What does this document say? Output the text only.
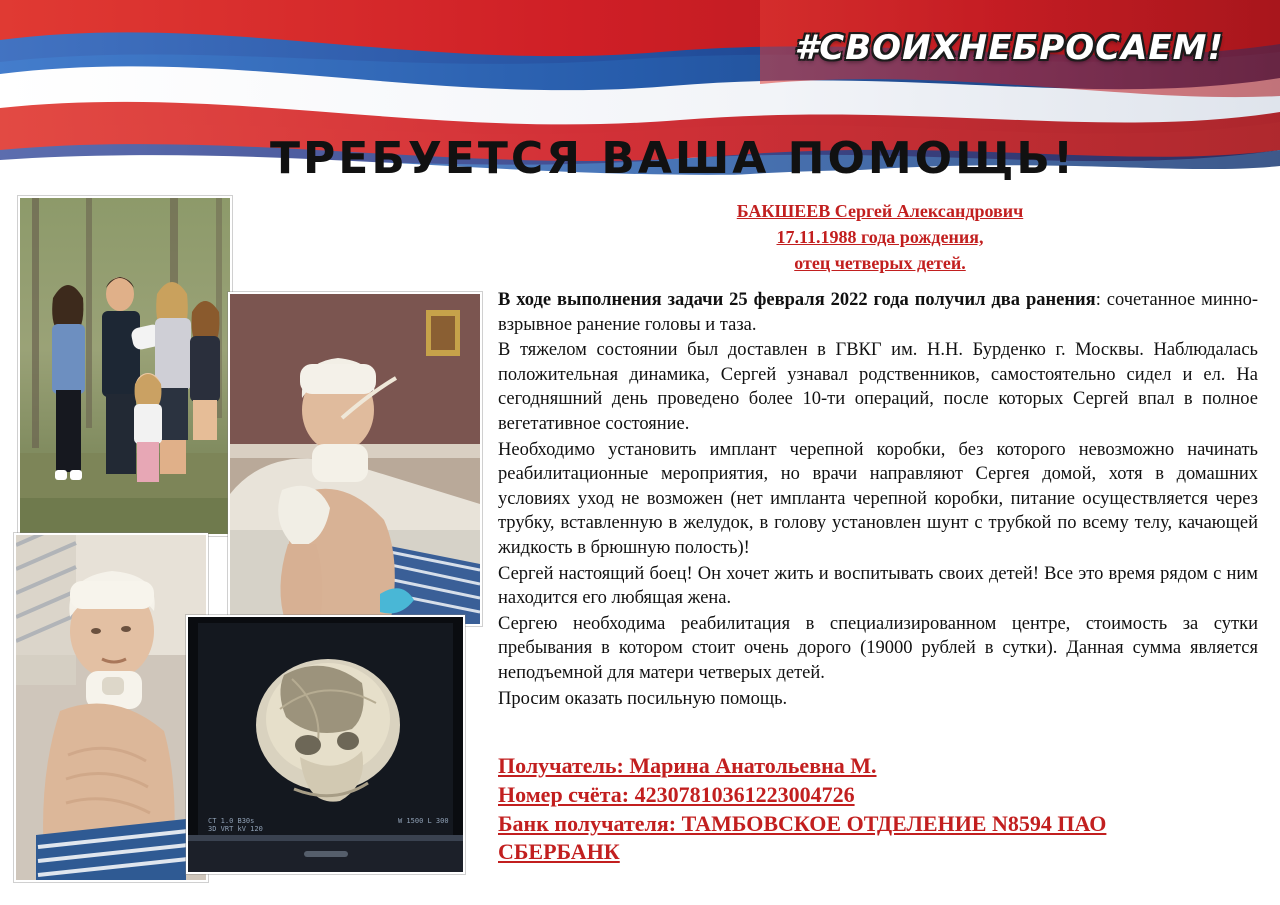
#СВОИХНЕБРОСАЕМ!
ТРЕБУЕТСЯ ВАША ПОМОЩЬ!
БАКШЕЕВ Сергей Александрович
17.11.1988 года рождения,
отец четверых детей.

В ходе выполнения задачи 25 февраля 2022 года получил два ранения: сочетанное минно-взрывное ранение головы и таза.

В тяжелом состоянии был доставлен в ГВКГ им. Н.Н. Бурденко г. Москвы. Наблюдалась положительная динамика, Сергей узнавал родственников, самостоятельно сидел и ел. На сегодняшний день проведено более 10-ти операций, после которых Сергей впал в полное вегетативное состояние.

Необходимо установить имплант черепной коробки, без которого невозможно начинать реабилитационные мероприятия, но врачи направляют Сергея домой, хотя в домашних условиях уход не возможен (нет импланта черепной коробки, питание осуществляется через трубку, вставленную в желудок, в голову установлен шунт с трубкой по всему телу, качающей жидкость в брюшную полость)!

Сергей настоящий боец! Он хочет жить и воспитывать своих детей! Все это время рядом с ним находится его любящая жена.

Сергею необходима реабилитация в специализированном центре, стоимость за сутки пребывания в котором стоит очень дорого (19000 рублей в сутки). Данная сумма является неподъемной для матери четверых детей.

Просим оказать посильную помощь.

Получатель: Марина Анатольевна М.
Номер счёта: 42307810361223004726
Банк получателя: ТАМБОВСКОЕ ОТДЕЛЕНИЕ N8594 ПАО СБЕРБАНК
CT 1.0 B30s
3D VRT kV 120
W 1500 L 300
